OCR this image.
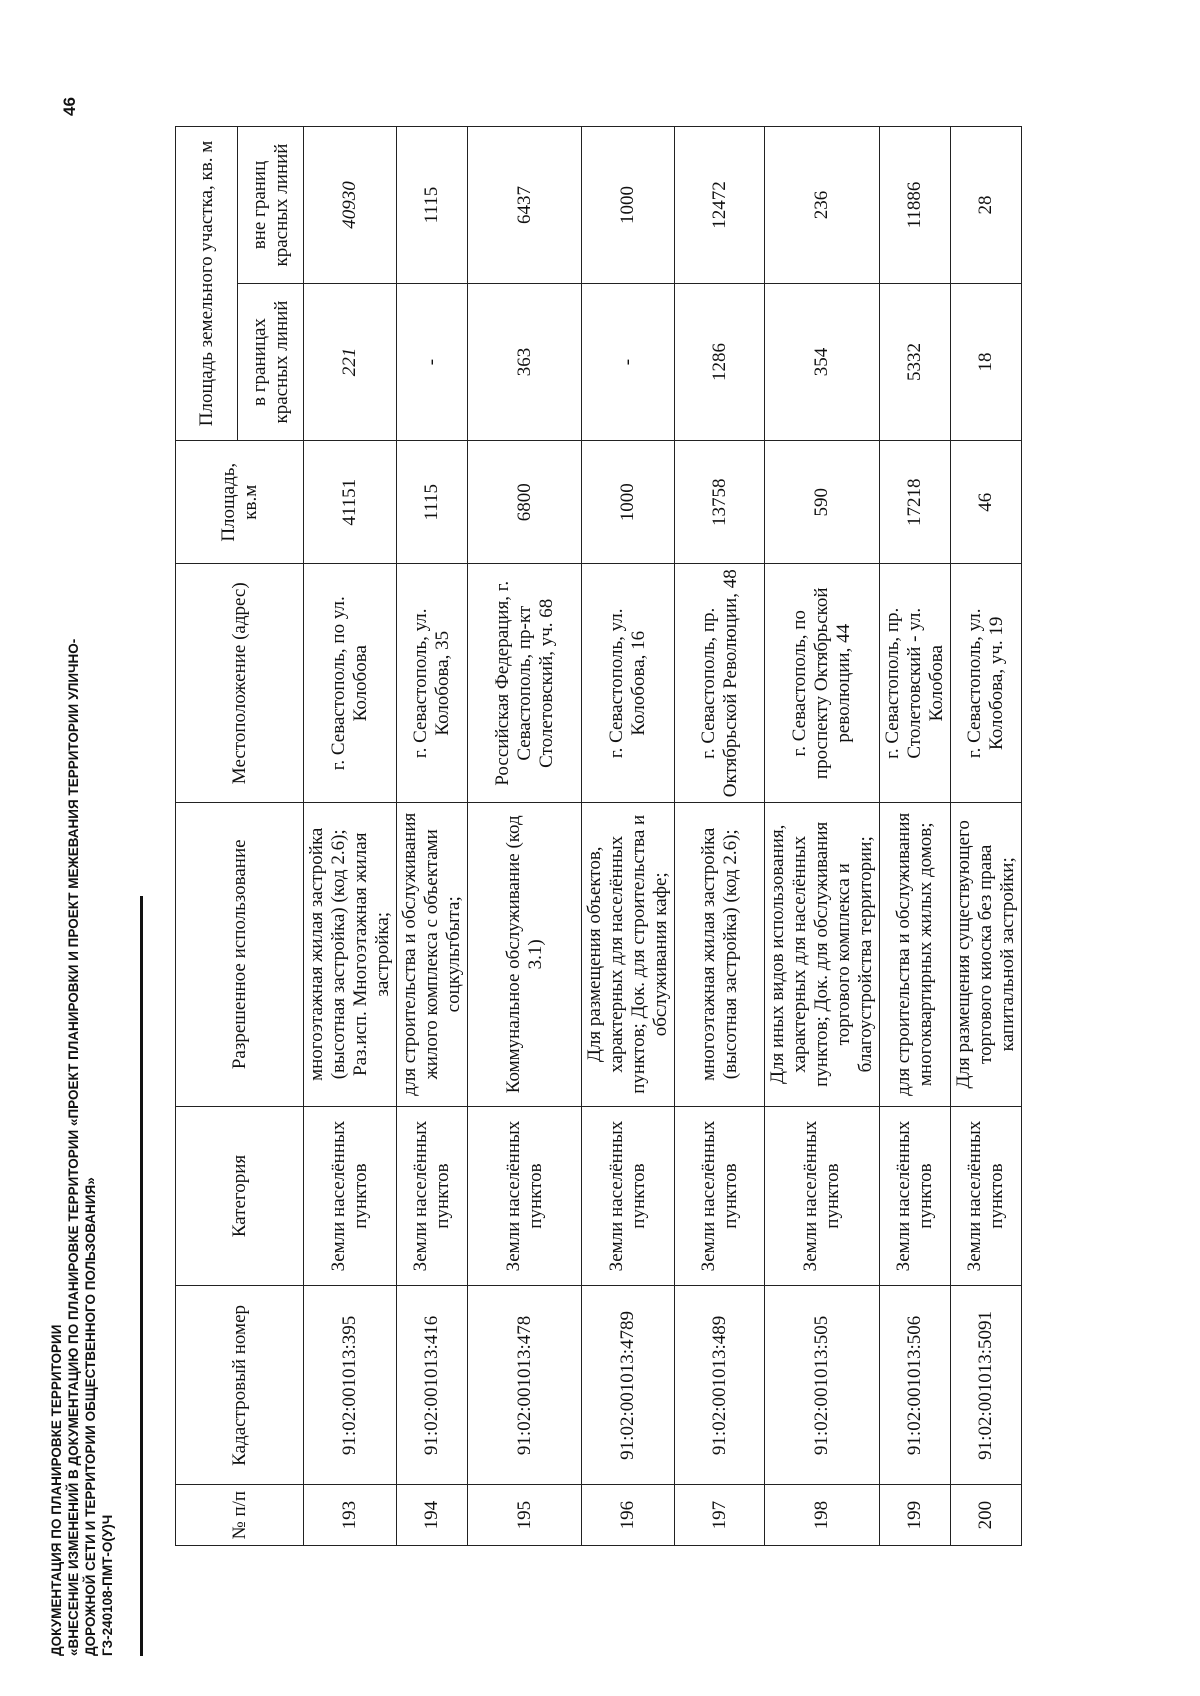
ДОКУМЕНТАЦИЯ ПО ПЛАНИРОВКЕ ТЕРРИТОРИИ «ВНЕСЕНИЕ ИЗМЕНЕНИЙ В ДОКУМЕНТАЦИЮ ПО ПЛАНИРОВКЕ ТЕРРИТОРИИ «ПРОЕКТ ПЛАНИРОВКИ И ПРОЕКТ МЕЖЕВАНИЯ ТЕРРИТОРИИ УЛИЧНО- ДОРОЖНОЙ СЕТИ И ТЕРРИТОРИИ ОБЩЕСТВЕННОГО ПОЛЬЗОВАНИЯ» ГЗ-240108-ПМТ-О(У)Ч
46
№ п/п	Кадастровый номер	Категория	Разрешенное использование	Местоположение (адрес)	Площадь, кв.м	Площадь земельного участка, кв. м	
						в границах красных линий	вне границ красных линий
193	91:02:001013:395	Земли населённых пунктов	многоэтажная жилая застройка (высотная застройка) (код 2.6); Раз.исп. Многоэтажная жилая застройка;	г. Севастополь, по ул. Колобова	41151	221	40930
194	91:02:001013:416	Земли населённых пунктов	для строительства и обслуживания жилого комплекса с объектами соцкультбыта;	г. Севастополь, ул. Колобова, 35	1115	-	1115
195	91:02:001013:478	Земли населённых пунктов	Коммунальное обслуживание (код 3.1)	Российская Федерация, г. Севастополь, пр-кт Столетовский, уч. 68	6800	363	6437
196	91:02:001013:4789	Земли населённых пунктов	Для размещения объектов, характерных для населённых пунктов; Док. для строительства и обслуживания кафе;	г. Севастополь, ул. Колобова, 16	1000	-	1000
197	91:02:001013:489	Земли населённых пунктов	многоэтажная жилая застройка (высотная застройка) (код 2.6);	г. Севастополь, пр. Октябрьской Революции, 48	13758	1286	12472
198	91:02:001013:505	Земли населённых пунктов	Для иных видов использования, характерных для населённых пунктов; Док. для обслуживания торгового комплекса и благоустройства территории;	г. Севастополь, по проспекту Октябрьской революции, 44	590	354	236
199	91:02:001013:506	Земли населённых пунктов	для строительства и обслуживания многоквартирных жилых домов;	г. Севастополь, пр. Столетовский - ул. Колобова	17218	5332	11886
200	91:02:001013:5091	Земли населённых пунктов	Для размещения существующего торгового киоска без права капитальной застройки;	г. Севастополь, ул. Колобова, уч. 19	46	18	28
